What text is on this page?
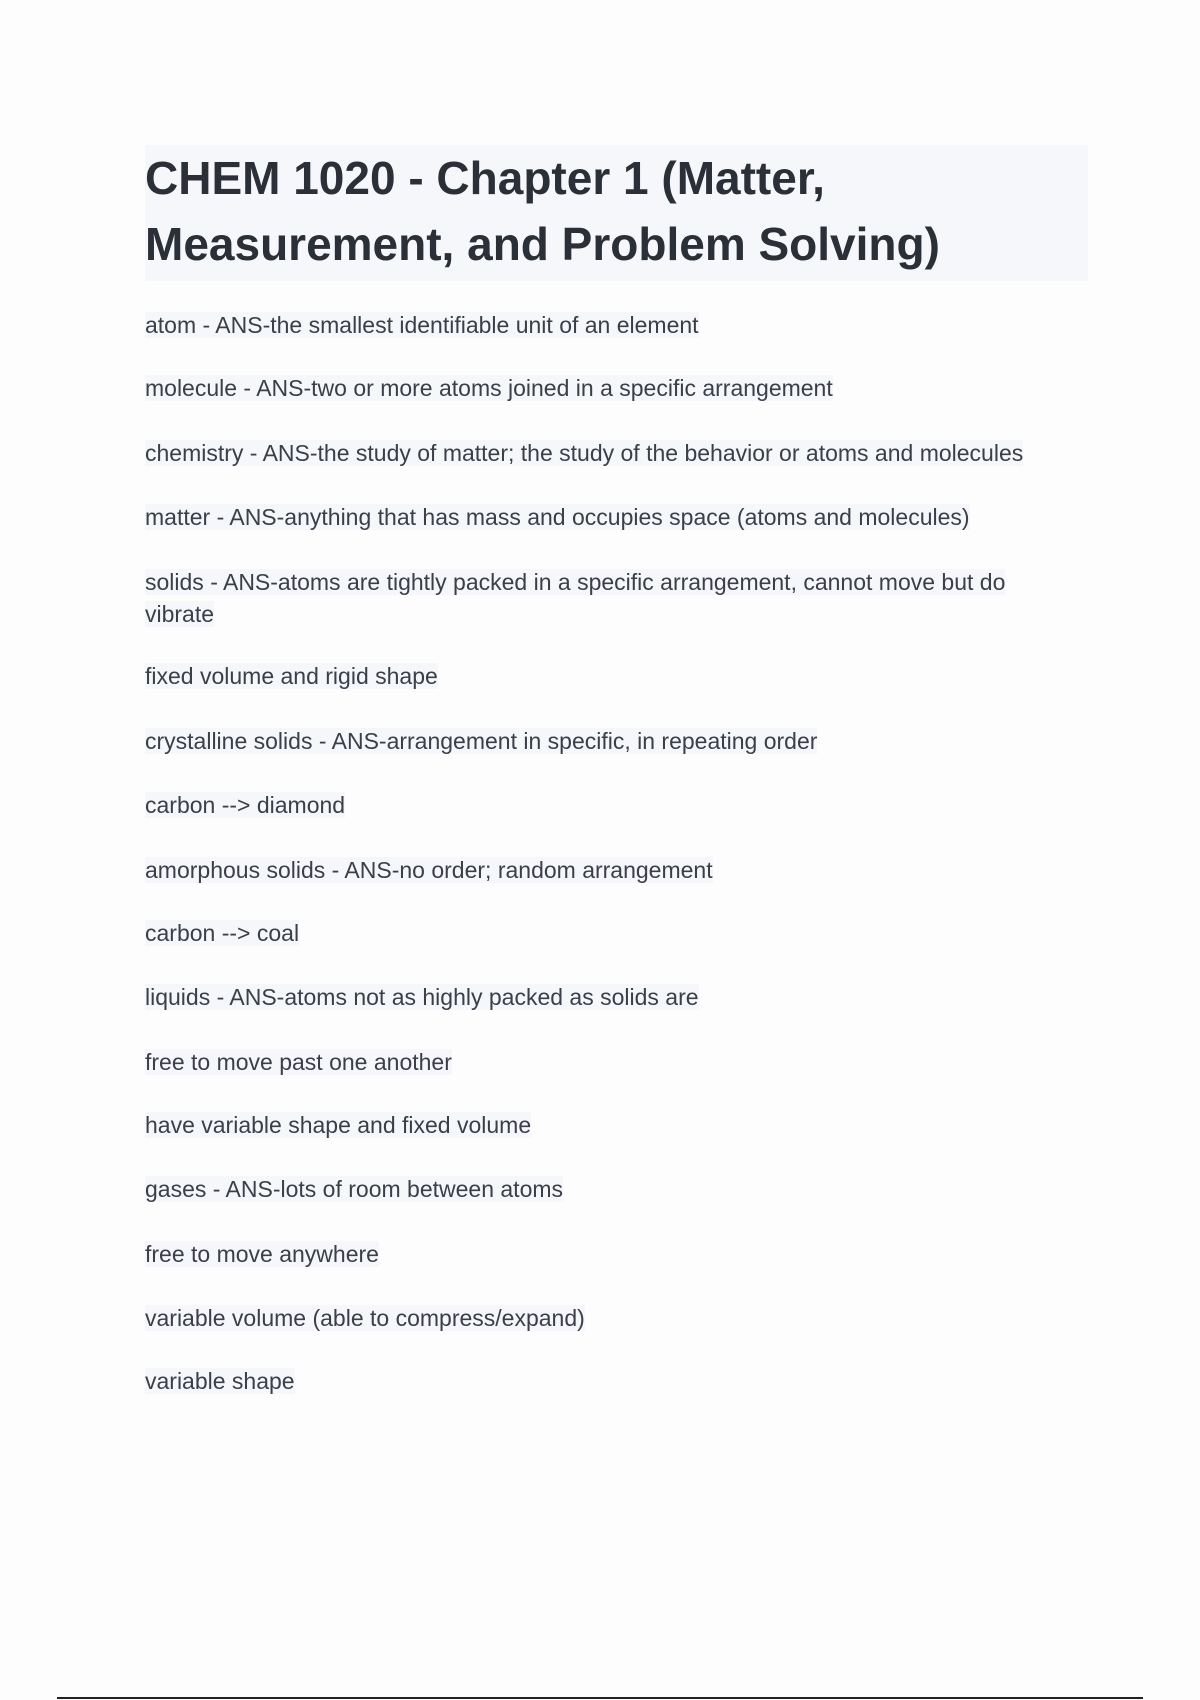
CHEM 1020 - Chapter 1 (Matter, Measurement, and Problem Solving)
atom - ANS-the smallest identifiable unit of an element
molecule - ANS-two or more atoms joined in a specific arrangement
chemistry - ANS-the study of matter; the study of the behavior or atoms and molecules
matter - ANS-anything that has mass and occupies space (atoms and molecules)
solids - ANS-atoms are tightly packed in a specific arrangement, cannot move but do vibrate
fixed volume and rigid shape
crystalline solids - ANS-arrangement in specific, in repeating order
carbon --> diamond
amorphous solids - ANS-no order; random arrangement
carbon --> coal
liquids - ANS-atoms not as highly packed as solids are
free to move past one another
have variable shape and fixed volume
gases - ANS-lots of room between atoms
free to move anywhere
variable volume (able to compress/expand)
variable shape
